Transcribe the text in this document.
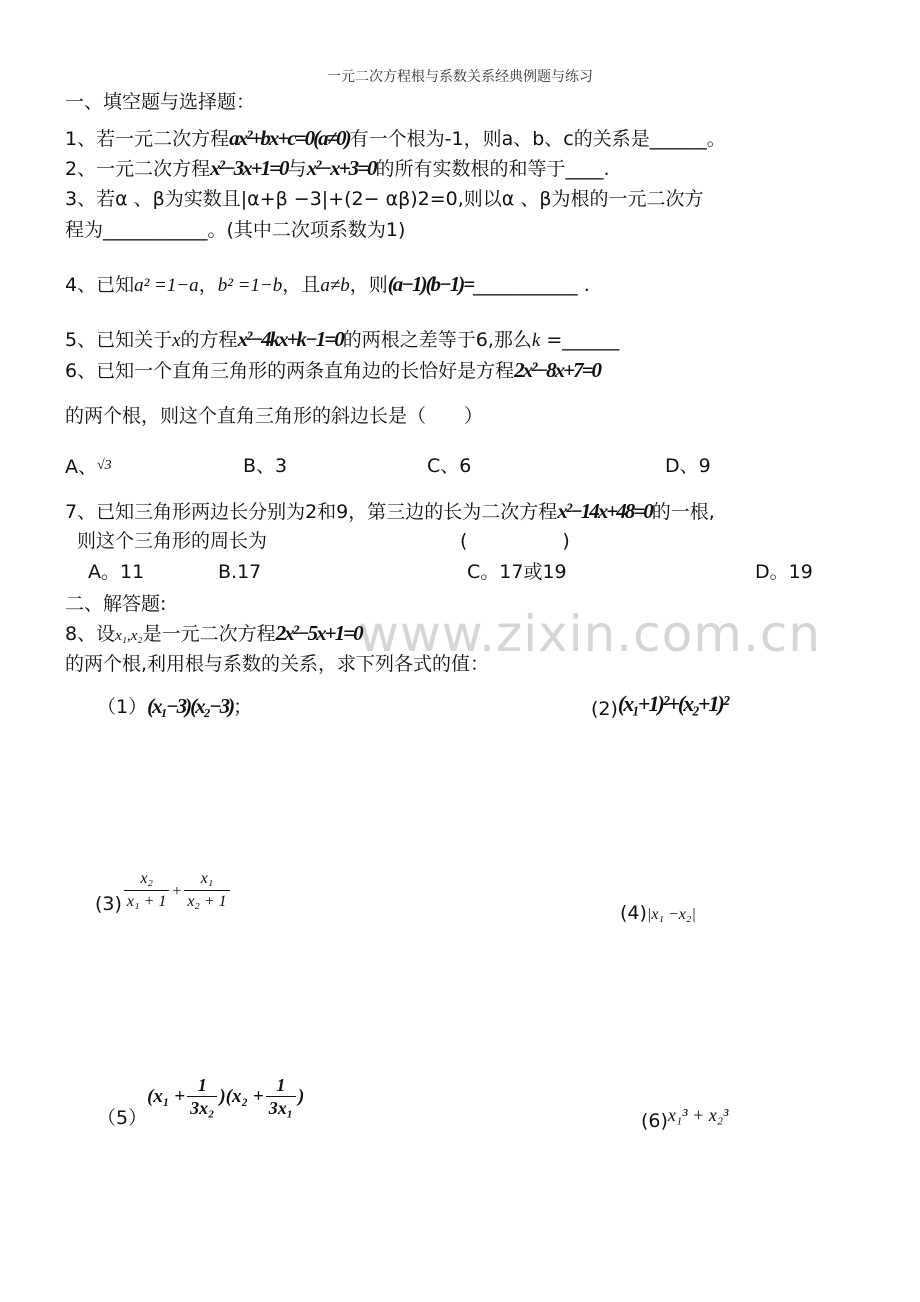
一元二次方程根与系数关系经典例题与练习
www.zixin.com.cn
一、填空题与选择题：
1、若一元二次方程ax²+bx+c=0(a≠0)有一个根为-1，则a、b、c的关系是______。
2、一元二次方程x²−3x+1=0与x²−x+3=0的所有实数根的和等于____.
3、若α 、β为实数且|α+β −3|+(2− αβ)2=0,则以α 、β为根的一元二次方
程为___________。(其中二次项系数为1)
4、已知a² =1−a，b² =1−b，且a≠b，则(a−1)(b−1)=___________ .
5、已知关于x的方程x²−4kx+k−1=0的两根之差等于6,那么k =______
6、已知一个直角三角形的两条直角边的长恰好是方程2x²−8x+7=0
的两个根，则这个直角三角形的斜边长是（　　）
A、$^{√3}$	B、3	C、6	D、9
7、已知三角形两边长分别为2和9，第三边的长为二次方程x²−14x+48=0的一根,
则这个三角形的周长为	(　　　　　)
A。11	B.17	C。17或19	D。19
二、解答题:
8、设x₁,x₂是一元二次方程2x²−5x+1=0
的两个根,利用根与系数的关系，求下列各式的值：
（1）(x₁−3)(x₂−3)；	(2)(x₁+1)²+(x₂+1)²
$(3) \frac{\text{x₂}}{\text{x₁ + 1}} + \frac{\text{x₁}}{\text{x₂ + 1}}$	(4)|x₁ −x₂|
$(5)(x_1 + \frac{1}{\text{3x₂}} )(x_2 + \frac{1}{\text{3x₁}}$ )
(6)x₁³ + x₂³
